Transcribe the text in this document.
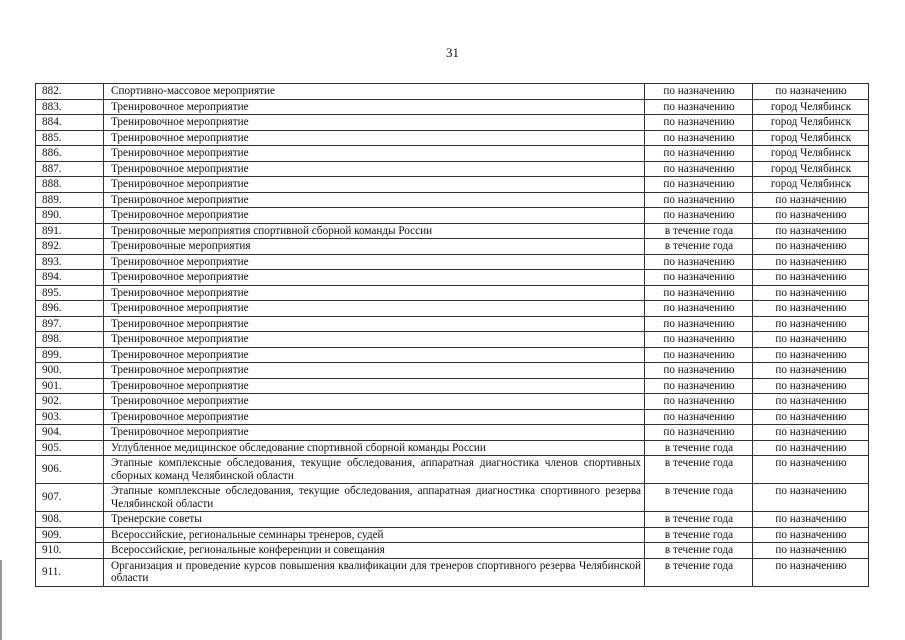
31
882.	Спортивно-массовое мероприятие	по назначению	по назначению
883.	Тренировочное мероприятие	по назначению	город Челябинск
884.	Тренировочное мероприятие	по назначению	город Челябинск
885.	Тренировочное мероприятие	по назначению	город Челябинск
886.	Тренировочное мероприятие	по назначению	город Челябинск
887.	Тренировочное мероприятие	по назначению	город Челябинск
888.	Тренировочное мероприятие	по назначению	город Челябинск
889.	Тренировочное мероприятие	по назначению	по назначению
890.	Тренировочное мероприятие	по назначению	по назначению
891.	Тренировочные мероприятия спортивной сборной команды России	в течение года	по назначению
892.	Тренировочные мероприятия	в течение года	по назначению
893.	Тренировочное мероприятие	по назначению	по назначению
894.	Тренировочное мероприятие	по назначению	по назначению
895.	Тренировочное мероприятие	по назначению	по назначению
896.	Тренировочное мероприятие	по назначению	по назначению
897.	Тренировочное мероприятие	по назначению	по назначению
898.	Тренировочное мероприятие	по назначению	по назначению
899.	Тренировочное мероприятие	по назначению	по назначению
900.	Тренировочное мероприятие	по назначению	по назначению
901.	Тренировочное мероприятие	по назначению	по назначению
902.	Тренировочное мероприятие	по назначению	по назначению
903.	Тренировочное мероприятие	по назначению	по назначению
904.	Тренировочное мероприятие	по назначению	по назначению
905.	Углубленное медицинское обследование спортивной сборной команды России	в течение года	по назначению
906.	Этапные комплексные обследования, текущие обследования, аппаратная диагностика членов спортивных сборных команд Челябинской области	в течение года	по назначению
907.	Этапные комплексные обследования, текущие обследования, аппаратная диагностика спортивного резерва Челябинской области	в течение года	по назначению
908.	Тренерские советы	в течение года	по назначению
909.	Всероссийские, региональные семинары тренеров, судей	в течение года	по назначению
910.	Всероссийские, региональные конференции и совещания	в течение года	по назначению
911.	Организация и проведение курсов повышения квалификации для тренеров спортивного резерва Челябинской области	в течение года	по назначению
